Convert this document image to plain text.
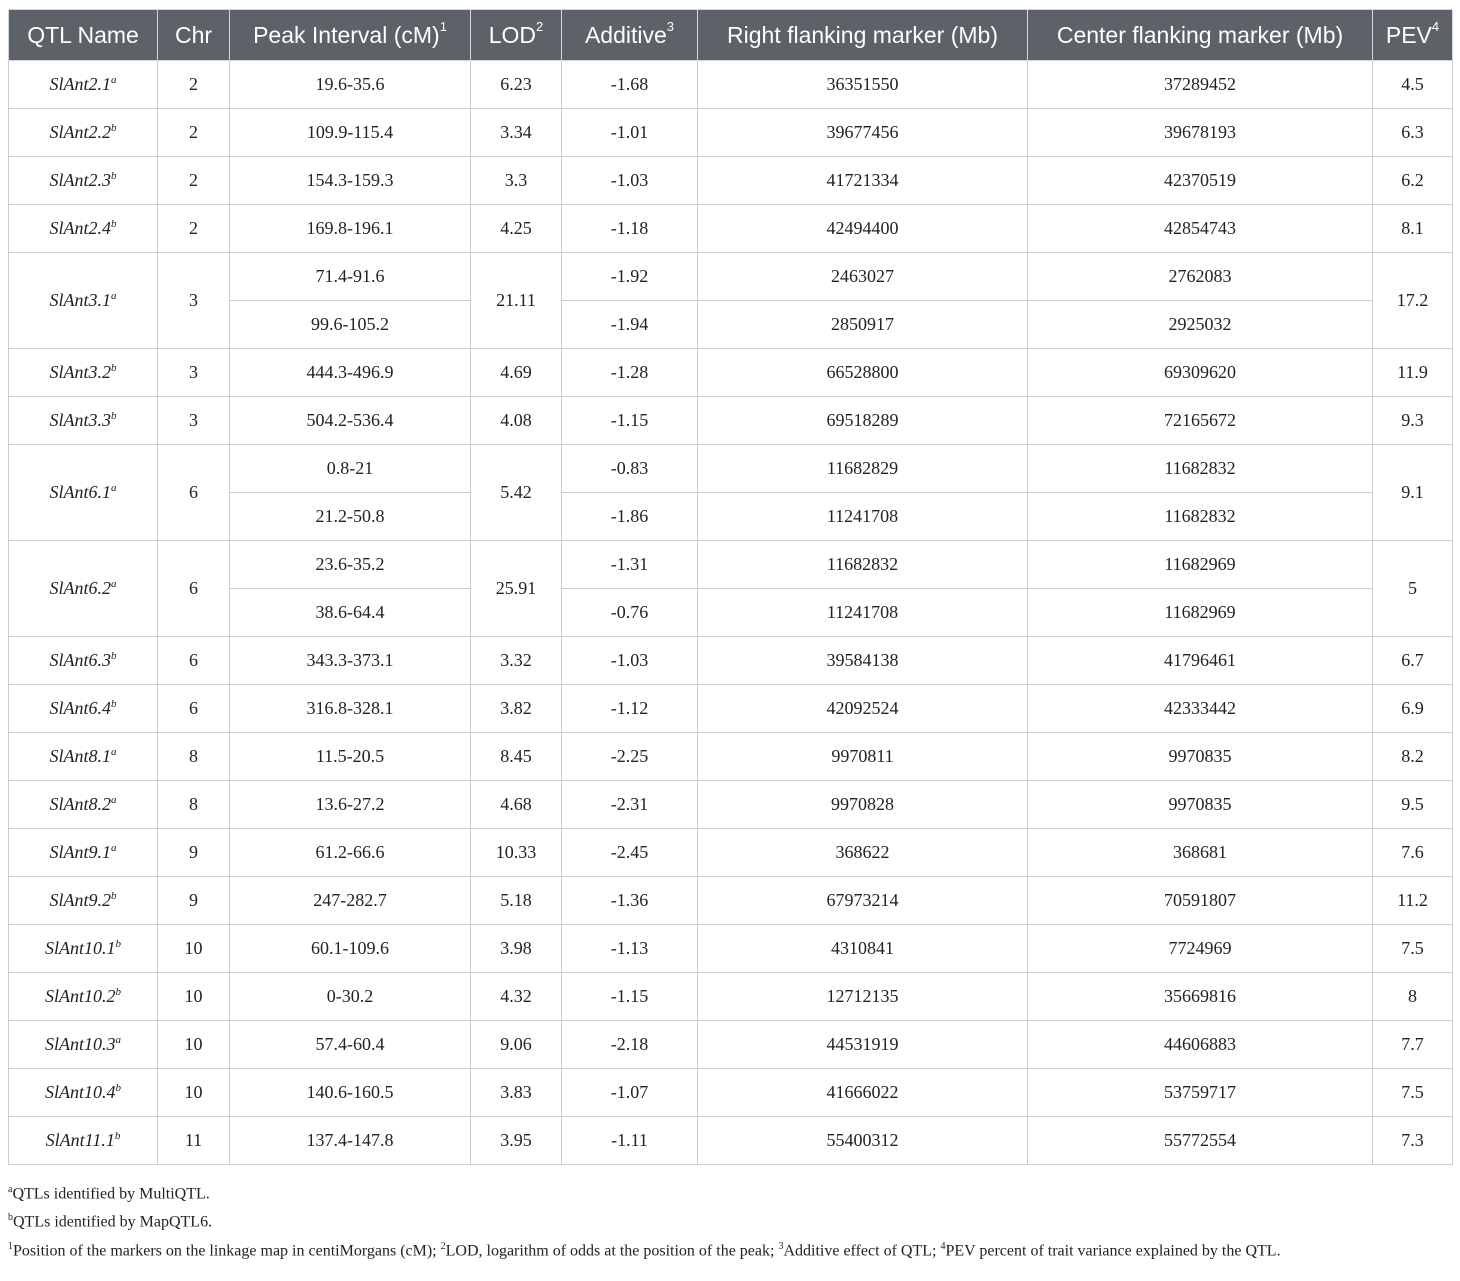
QTL Name	Chr	Peak Interval (cM)$^1$	LOD$^2$	Additive$^3$	Right flanking marker (Mb)	Center flanking marker (Mb)	PEV$^4$
SlAnt2.1$^a$	2	19.6-35.6	6.23	-1.68	36351550	37289452	4.5
SlAnt2.2$^b$	2	109.9-115.4	3.34	-1.01	39677456	39678193	6.3
SlAnt2.3$^b$	2	154.3-159.3	3.3	-1.03	41721334	42370519	6.2
SlAnt2.4$^b$	2	169.8-196.1	4.25	-1.18	42494400	42854743	8.1
SlAnt3.1$^a$	3	71.4-91.6	21.11	-1.92	2463027	2762083	17.2
		99.6-105.2		-1.94	2850917	2925032	
SlAnt3.2$^b$	3	444.3-496.9	4.69	-1.28	66528800	69309620	11.9
SlAnt3.3$^b$	3	504.2-536.4	4.08	-1.15	69518289	72165672	9.3
SlAnt6.1$^a$	6	0.8-21	5.42	-0.83	11682829	11682832	9.1
		21.2-50.8		-1.86	11241708	11682832	
SlAnt6.2$^a$	6	23.6-35.2	25.91	-1.31	11682832	11682969	5
		38.6-64.4		-0.76	11241708	11682969	
SlAnt6.3$^b$	6	343.3-373.1	3.32	-1.03	39584138	41796461	6.7
SlAnt6.4$^b$	6	316.8-328.1	3.82	-1.12	42092524	42333442	6.9
SlAnt8.1$^a$	8	11.5-20.5	8.45	-2.25	9970811	9970835	8.2
SlAnt8.2$^a$	8	13.6-27.2	4.68	-2.31	9970828	9970835	9.5
SlAnt9.1$^a$	9	61.2-66.6	10.33	-2.45	368622	368681	7.6
SlAnt9.2$^b$	9	247-282.7	5.18	-1.36	67973214	70591807	11.2
SlAnt10.1$^b$	10	60.1-109.6	3.98	-1.13	4310841	7724969	7.5
SlAnt10.2$^b$	10	0-30.2	4.32	-1.15	12712135	35669816	8
SlAnt10.3$^a$	10	57.4-60.4	9.06	-2.18	44531919	44606883	7.7
SlAnt10.4$^b$	10	140.6-160.5	3.83	-1.07	41666022	53759717	7.5
SlAnt11.1$^b$	11	137.4-147.8	3.95	-1.11	55400312	55772554	7.3
$^a$QTLs identified by MultiQTL.
$^b$QTLs identified by MapQTL6.
$^1$Position of the markers on the linkage map in centiMorgans (cM); $^2$LOD, logarithm of odds at the position of the peak; $^3$Additive effect of QTL; $^4$PEV percent of trait variance explained by the QTL.
